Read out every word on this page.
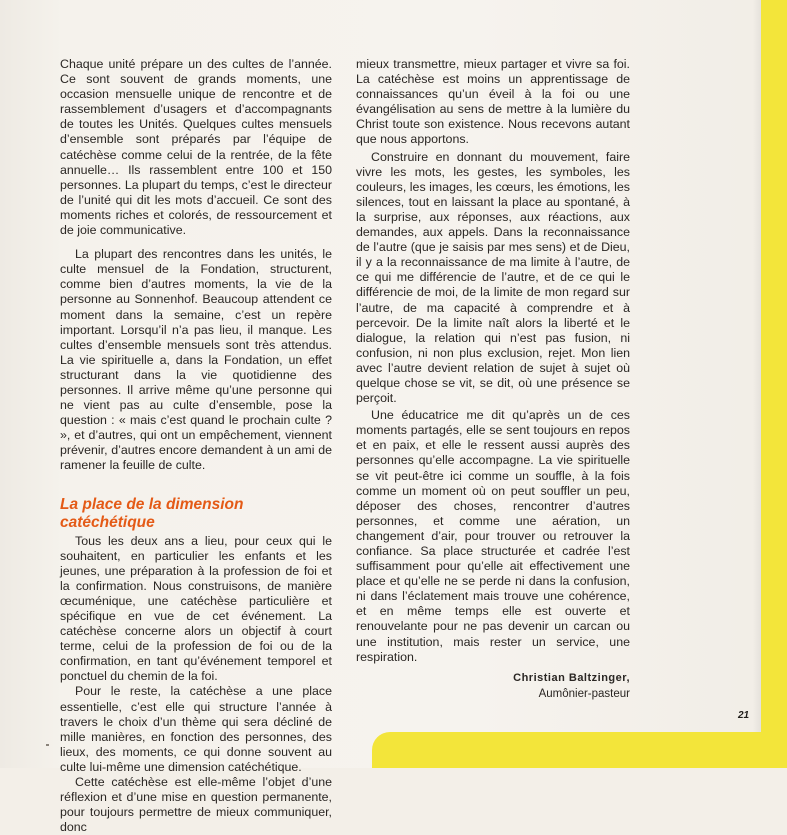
Chaque unité prépare un des cultes de l’année. Ce sont souvent de grands moments, une occasion mensuelle unique de rencontre et de rassemblement d’usagers et d’accompagnants de toutes les Unités. Quelques cultes mensuels d’ensemble sont préparés par l’équipe de catéchèse comme celui de la rentrée, de la fête annuelle… Ils rassemblent entre 100 et 150 personnes. La plupart du temps, c’est le directeur de l’unité qui dit les mots d’accueil. Ce sont des moments riches et colorés, de ressourcement et de joie communicative.

La plupart des rencontres dans les unités, le culte mensuel de la Fondation, structurent, comme bien d’autres moments, la vie de la personne au Sonnenhof. Beaucoup attendent ce moment dans la semaine, c’est un repère important. Lorsqu’il n’a pas lieu, il manque. Les cultes d’ensemble mensuels sont très attendus. La vie spirituelle a, dans la Fondation, un effet structurant dans la vie quotidienne des personnes. Il arrive même qu’une personne qui ne vient pas au culte d’ensemble, pose la question : « mais c’est quand le prochain culte ? », et d’autres, qui ont un empêchement, viennent prévenir, d’autres encore demandent à un ami de ramener la feuille de culte.

La place de la dimension catéchétique

Tous les deux ans a lieu, pour ceux qui le souhaitent, en particulier les enfants et les jeunes, une préparation à la profession de foi et la confirmation. Nous construisons, de manière œcuménique, une catéchèse particulière et spécifique en vue de cet événement. La catéchèse concerne alors un objectif à court terme, celui de la profession de foi ou de la confirmation, en tant qu’événement temporel et ponctuel du chemin de la foi.

Pour le reste, la catéchèse a une place essentielle, c’est elle qui structure l’année à travers le choix d’un thème qui sera décliné de mille manières, en fonction des personnes, des lieux, des moments, ce qui donne souvent au culte lui-même une dimension catéchétique.

Cette catéchèse est elle-même l’objet d’une réflexion et d’une mise en question permanente, pour toujours permettre de mieux communiquer, donc

mieux transmettre, mieux partager et vivre sa foi. La catéchèse est moins un apprentissage de connaissances qu’un éveil à la foi ou une évangélisation au sens de mettre à la lumière du Christ toute son existence. Nous recevons autant que nous apportons.

Construire en donnant du mouvement, faire vivre les mots, les gestes, les symboles, les couleurs, les images, les cœurs, les émotions, les silences, tout en laissant la place au spontané, à la surprise, aux réponses, aux réactions, aux demandes, aux appels. Dans la reconnaissance de l’autre (que je saisis par mes sens) et de Dieu, il y a la reconnaissance de ma limite à l’autre, de ce qui me différencie de l’autre, et de ce qui le différencie de moi, de la limite de mon regard sur l’autre, de ma capacité à comprendre et à percevoir. De la limite naît alors la liberté et le dialogue, la relation qui n’est pas fusion, ni confusion, ni non plus exclusion, rejet. Mon lien avec l’autre devient relation de sujet à sujet où quelque chose se vit, se dit, où une présence se perçoit.

Une éducatrice me dit qu’après un de ces moments partagés, elle se sent toujours en repos et en paix, et elle le ressent aussi auprès des personnes qu’elle accompagne. La vie spirituelle se vit peut-être ici comme un souffle, à la fois comme un moment où on peut souffler un peu, déposer des choses, rencontrer d’autres personnes, et comme une aération, un changement d’air, pour trouver ou retrouver la confiance. Sa place structurée et cadrée l’est suffisamment pour qu’elle ait effectivement une place et qu’elle ne se perde ni dans la confusion, ni dans l’éclatement mais trouve une cohérence, et en même temps elle est ouverte et renouvelante pour ne pas devenir un carcan ou une institution, mais rester un service, une respiration.

Christian Baltzinger,
Aumônier-pasteur
21
